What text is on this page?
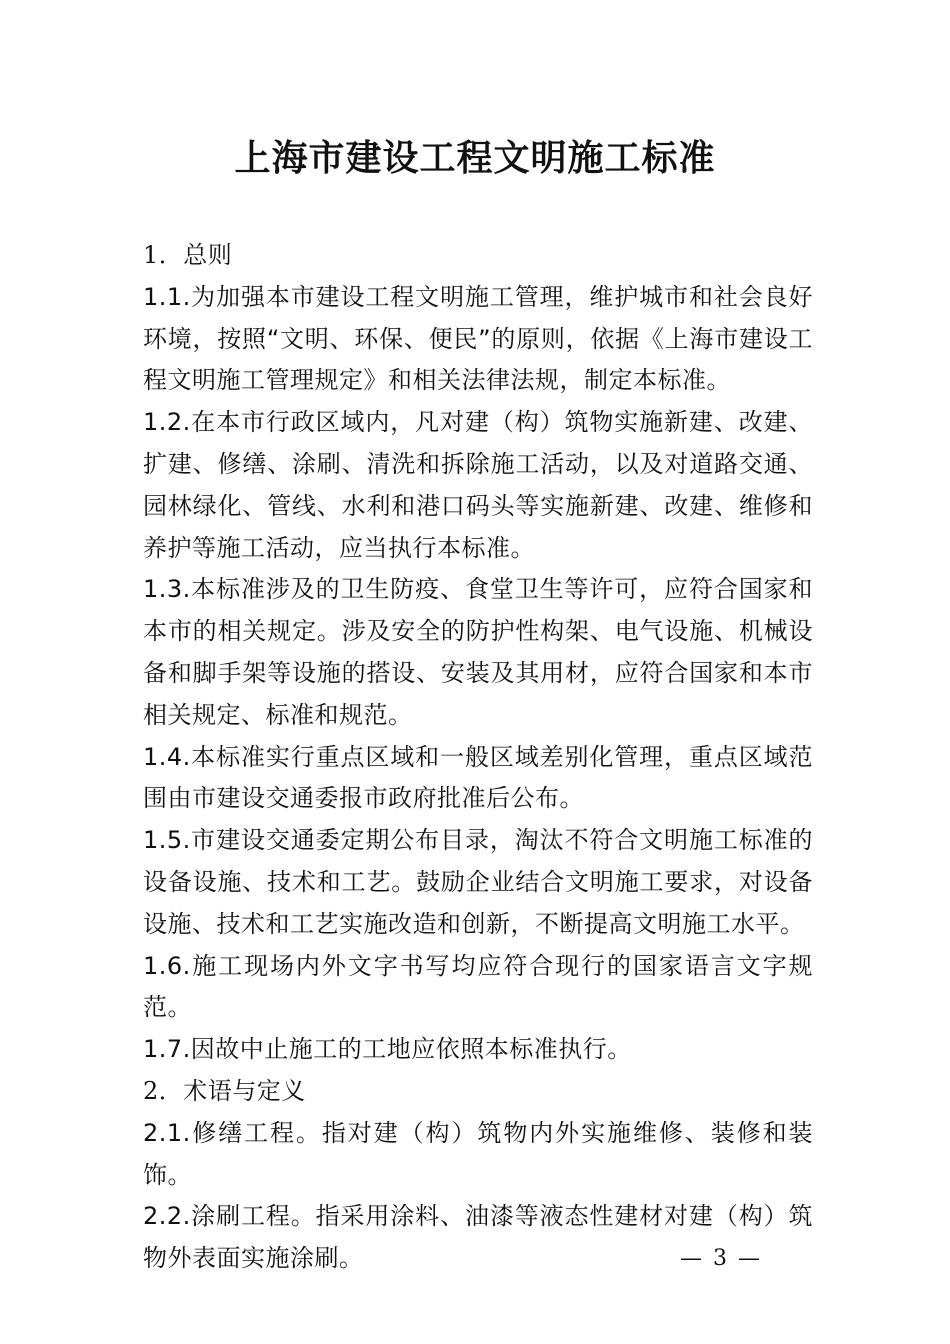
上海市建设工程文明施工标准

1．总则

1.1.为加强本市建设工程文明施工管理，维护城市和社会良好环境，按照“文明、环保、便民”的原则，依据《上海市建设工程文明施工管理规定》和相关法律法规，制定本标准。

1.2.在本市行政区域内，凡对建（构）筑物实施新建、改建、扩建、修缮、涂刷、清洗和拆除施工活动，以及对道路交通、园林绿化、管线、水利和港口码头等实施新建、改建、维修和养护等施工活动，应当执行本标准。

1.3.本标准涉及的卫生防疫、食堂卫生等许可，应符合国家和本市的相关规定。涉及安全的防护性构架、电气设施、机械设备和脚手架等设施的搭设、安装及其用材，应符合国家和本市相关规定、标准和规范。

1.4.本标准实行重点区域和一般区域差别化管理，重点区域范围由市建设交通委报市政府批准后公布。

1.5.市建设交通委定期公布目录，淘汰不符合文明施工标准的设备设施、技术和工艺。鼓励企业结合文明施工要求，对设备设施、技术和工艺实施改造和创新，不断提高文明施工水平。

1.6.施工现场内外文字书写均应符合现行的国家语言文字规范。

1.7.因故中止施工的工地应依照本标准执行。

2．术语与定义

2.1.修缮工程。指对建（构）筑物内外实施维修、装修和装饰。

2.2.涂刷工程。指采用涂料、油漆等液态性建材对建（构）筑物外表面实施涂刷。	— 3 —
